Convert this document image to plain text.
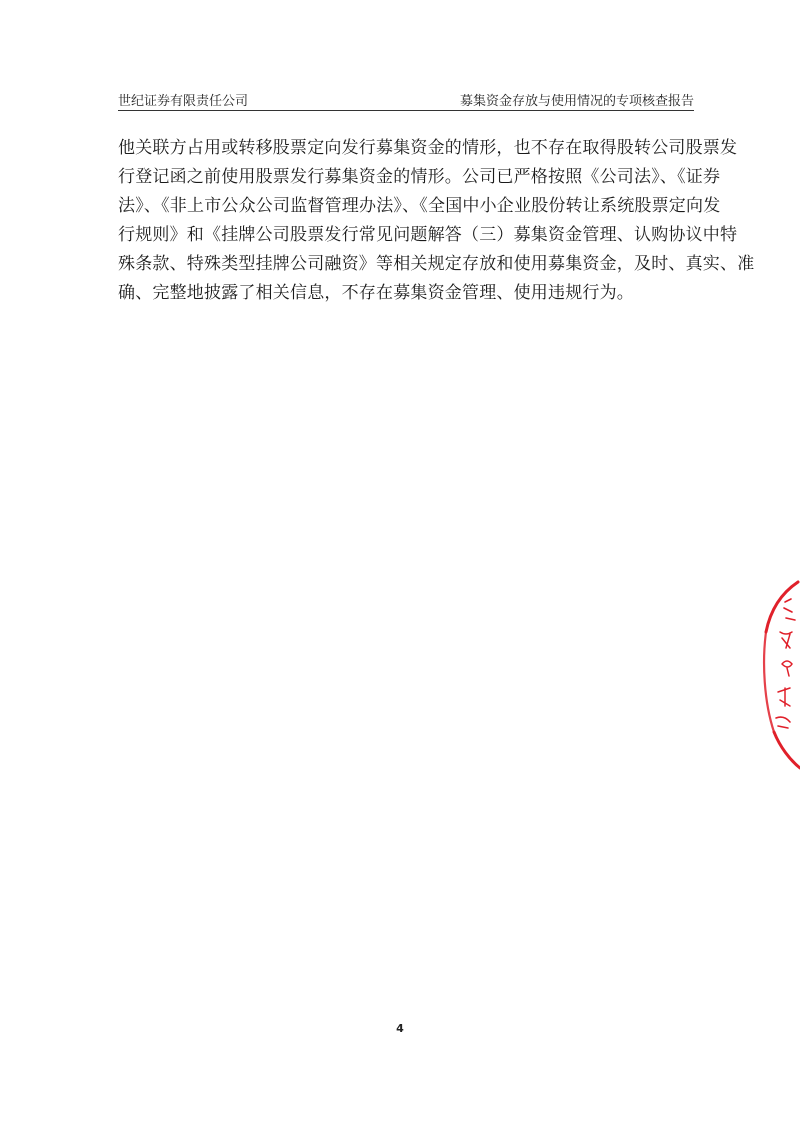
世纪证券有限责任公司	募集资金存放与使用情况的专项核查报告
他关联方占用或转移股票定向发行募集资金的情形，也不存在取得股转公司股票发
行登记函之前使用股票发行募集资金的情形。公司已严格按照《公司法》、《证券
法》、《非上市公众公司监督管理办法》、《全国中小企业股份转让系统股票定向发
行规则》和《挂牌公司股票发行常见问题解答（三）募集资金管理、认购协议中特
殊条款、特殊类型挂牌公司融资》等相关规定存放和使用募集资金，及时、真实、准
确、完整地披露了相关信息，不存在募集资金管理、使用违规行为。
4
